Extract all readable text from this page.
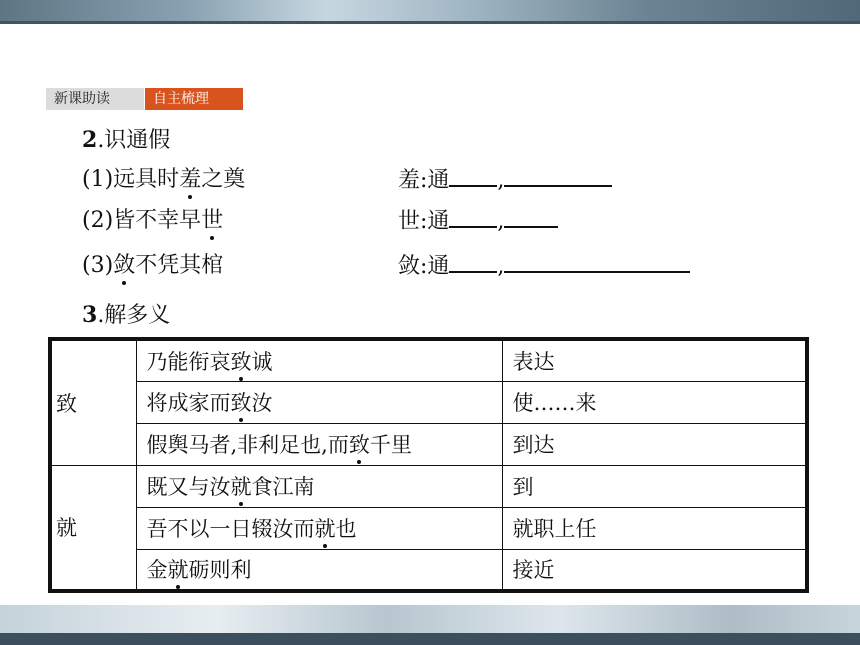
新课助读	自主梳理
2.识通假
(1)远具时羞之奠	羞:通 ,
(2)皆不幸早世	世:通 ,
(3)敛不凭其棺	敛:通 ,
3.解多义
致	乃能衔哀致诚	表达
	将成家而致汝	使……来
	假舆马者,非利足也,而致千里	到达
就	既又与汝就食江南	到
	吾不以一日辍汝而就也	就职上任
	金就砺则利	接近
